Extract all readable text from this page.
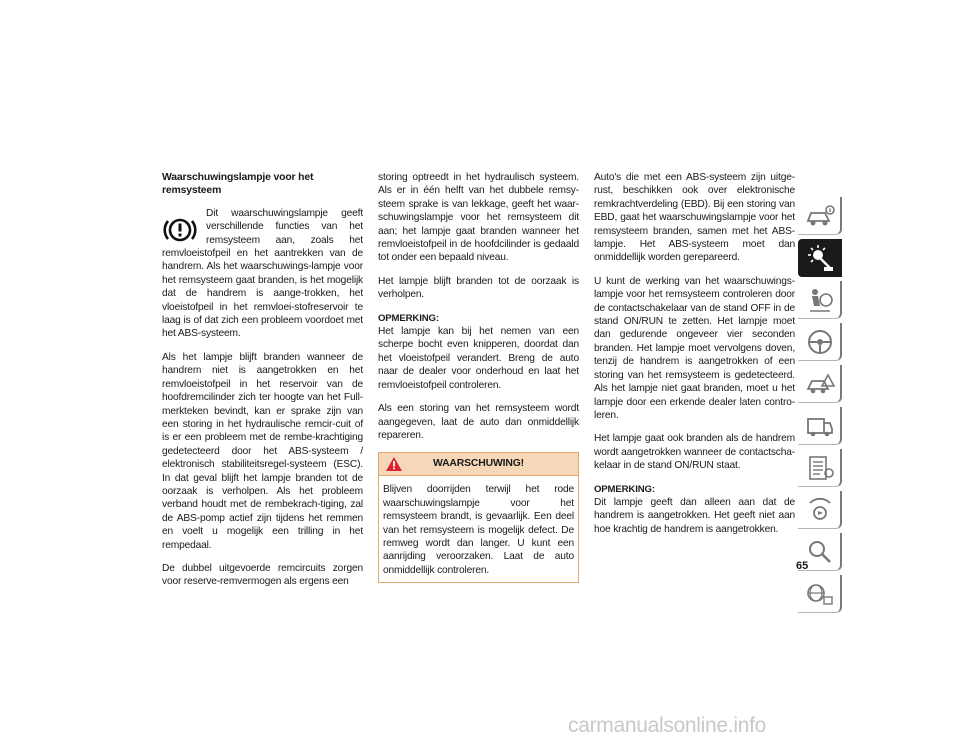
Waarschuwingslampje voor het remsysteem

Dit waarschuwingslampje geeft verschillende functies van het remsysteem aan, zoals het remvloeistofpeil en het aantrekken van de handrem. Als het waarschuwings-lampje voor het remsysteem gaat branden, is het mogelijk dat de handrem is aange-trokken, het vloeistofpeil in het remvloei-stofreservoir te laag is of dat zich een probleem voordoet met het ABS-systeem.

Als het lampje blijft branden wanneer de handrem niet is aangetrokken en het remvloeistofpeil in het reservoir van de hoofdremcilinder zich ter hoogte van het Full-merkteken bevindt, kan er sprake zijn van een storing in het hydraulische remcir-cuit of is er een probleem met de rembe-krachtiging gedetecteerd door het ABS-systeem / elektronisch stabiliteitsregel-systeem (ESC). In dat geval blijft het lampje branden tot de oorzaak is verholpen. Als het probleem verband houdt met de rembekrach-tiging, zal de ABS-pomp actief zijn tijdens het remmen en voelt u mogelijk een trilling in het rempedaal.

De dubbel uitgevoerde remcircuits zorgen voor reserve-remvermogen als ergens een

storing optreedt in het hydraulisch systeem. Als er in één helft van het dubbele remsy-steem sprake is van lekkage, geeft het waar-schuwingslampje voor het remsysteem dit aan; het lampje gaat branden wanneer het remvloeistofpeil in de hoofdcilinder is gedaald tot onder een bepaald niveau.

Het lampje blijft branden tot de oorzaak is verholpen.

OPMERKING:
Het lampje kan bij het nemen van een scherpe bocht even knipperen, doordat dan het vloeistofpeil verandert. Breng de auto naar de dealer voor onderhoud en laat het remvloeistofpeil controleren.

Als een storing van het remsysteem wordt aangegeven, laat de auto dan onmiddellijk repareren.

WAARSCHUWING!
Blijven doorrijden terwijl het rode waarschuwingslampje voor het remsysteem brandt, is gevaarlijk. Een deel van het remsysteem is mogelijk defect. De remweg wordt dan langer. U kunt een aanrijding veroorzaken. Laat de auto onmiddellijk controleren.

Auto's die met een ABS-systeem zijn uitge-rust, beschikken ook over elektronische remkrachtverdeling (EBD). Bij een storing van EBD, gaat het waarschuwingslampje voor het remsysteem branden, samen met het ABS-lampje. Het ABS-systeem moet dan onmiddellijk worden gerepareerd.

U kunt de werking van het waarschuwings-lampje voor het remsysteem controleren door de contactschakelaar van de stand OFF in de stand ON/RUN te zetten. Het lampje moet dan gedurende ongeveer vier seconden branden. Het lampje moet vervolgens doven, tenzij de handrem is aangetrokken of een storing van het remsysteem is gedetecteerd. Als het lampje niet gaat branden, moet u het lampje door een erkende dealer laten contro-leren.

Het lampje gaat ook branden als de handrem wordt aangetrokken wanneer de contactscha-kelaar in de stand ON/RUN staat.

OPMERKING:
Dit lampje geeft dan alleen aan dat de handrem is aangetrokken. Het geeft niet aan hoe krachtig de handrem is aangetrokken.

65
carmanualsonline.info
